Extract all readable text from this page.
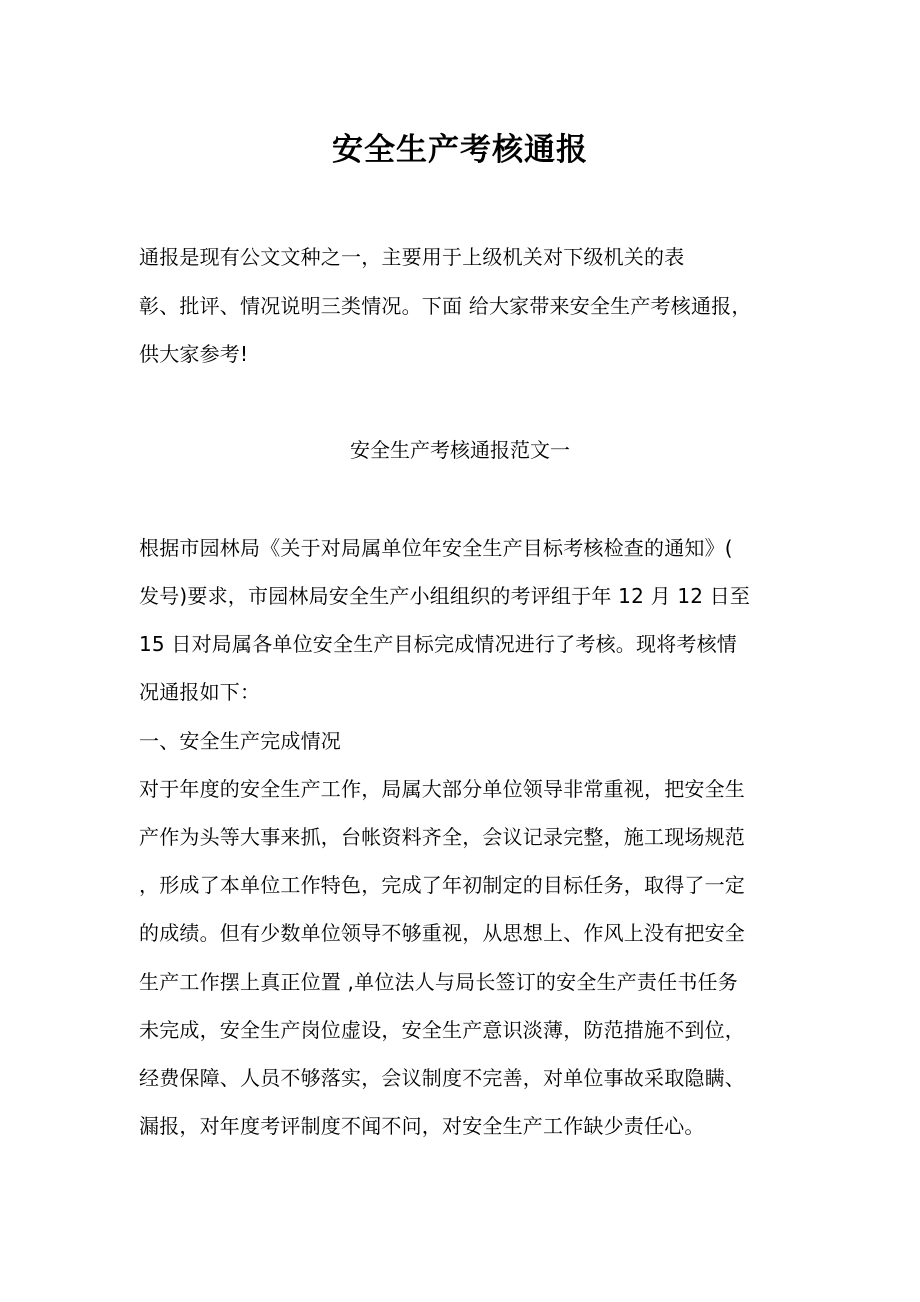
安全生产考核通报
通报是现有公文文种之一，主要用于上级机关对下级机关的表
彰、批评、情况说明三类情况。下面 给大家带来安全生产考核通报，
供大家参考!
安全生产考核通报范文一
根据市园林局《关于对局属单位年安全生产目标考核检查的通知》(
发号)要求，市园林局安全生产小组组织的考评组于年 12 月 12 日至
15 日对局属各单位安全生产目标完成情况进行了考核。现将考核情
况通报如下：
一、安全生产完成情况
对于年度的安全生产工作，局属大部分单位领导非常重视，把安全生
产作为头等大事来抓，台帐资料齐全，会议记录完整，施工现场规范
，形成了本单位工作特色，完成了年初制定的目标任务，取得了一定
的成绩。但有少数单位领导不够重视，从思想上、作风上没有把安全
生产工作摆上真正位置 ,单位法人与局长签订的安全生产责任书任务
未完成，安全生产岗位虚设，安全生产意识淡薄，防范措施不到位，
经费保障、人员不够落实，会议制度不完善，对单位事故采取隐瞒、
漏报，对年度考评制度不闻不问，对安全生产工作缺少责任心。
